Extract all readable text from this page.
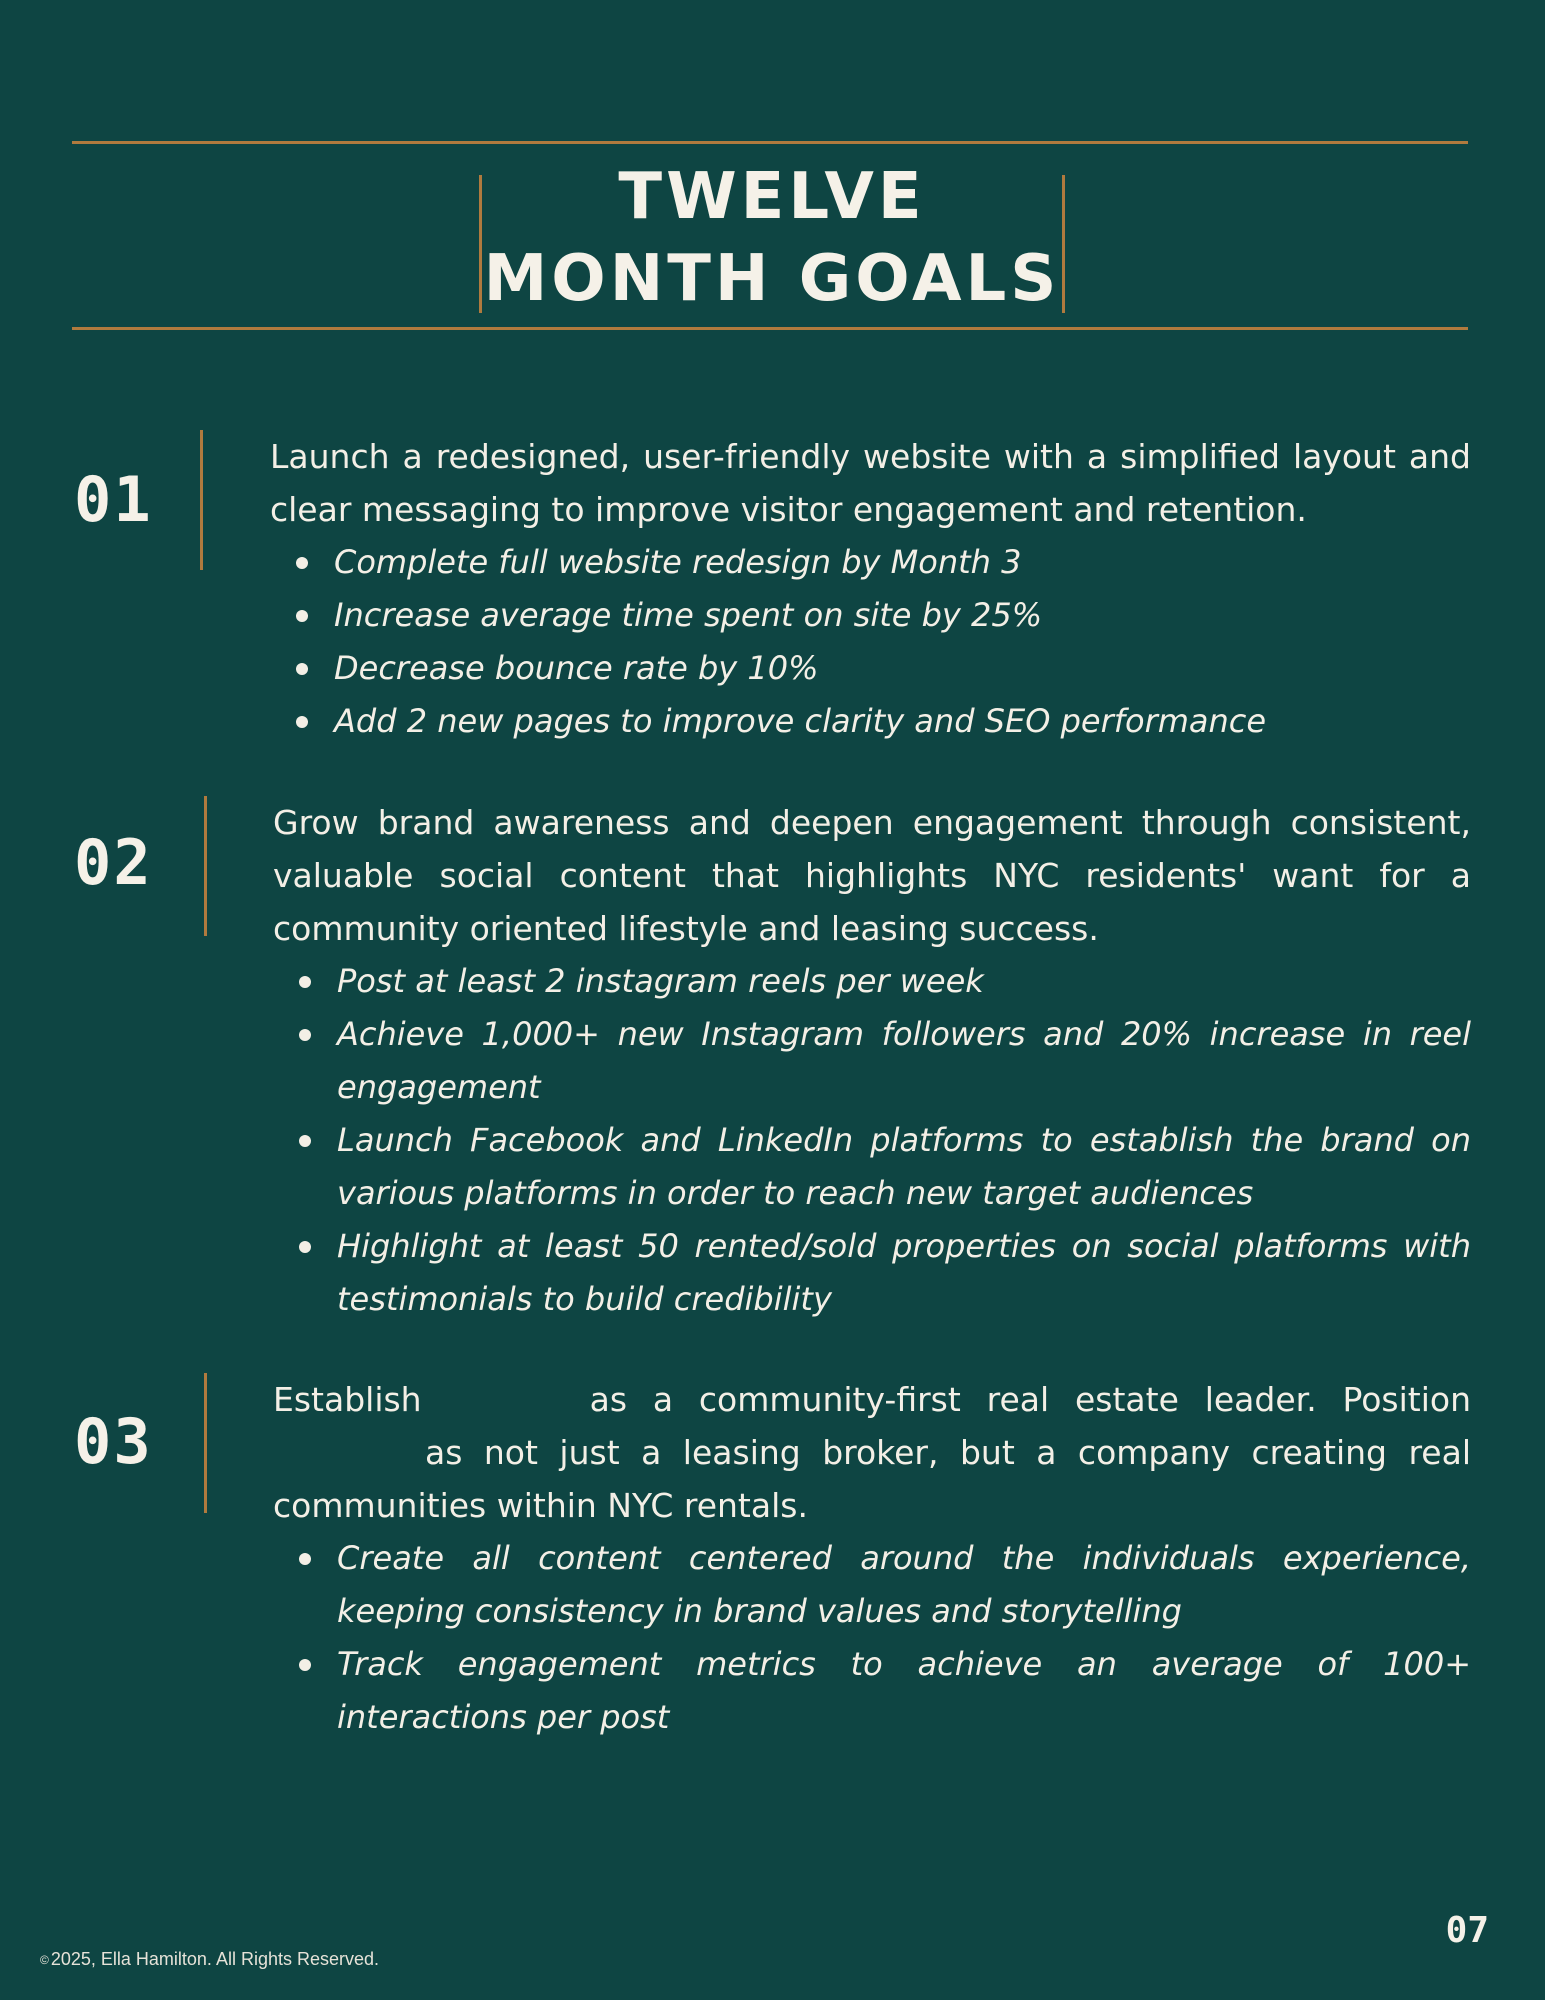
TWELVE
MONTH GOALS
01

Launch a redesigned, user-friendly website with a simplified layout and clear messaging to improve visitor engagement and retention.

Complete full website redesign by Month 3
Increase average time spent on site by 25%
Decrease bounce rate by 10%
Add 2 new pages to improve clarity and SEO performance
02

Grow brand awareness and deepen engagement through consistent, valuable social content that highlights NYC residents' want for a community oriented lifestyle and leasing success.

Post at least 2 instagram reels per week
Achieve 1,000+ new Instagram followers and 20% increase in reel engagement
Launch Facebook and LinkedIn platforms to establish the brand on various platforms in order to reach new target audiences
Highlight at least 50 rented/sold properties on social platforms with testimonials to build credibility
03

Establish	as a community-first real estate leader. Position as not just a leasing broker, but a company creating real communities within NYC rentals.

Create all content centered around the individuals experience, keeping consistency in brand values and storytelling
Track engagement metrics to achieve an average of 100+ interactions per post
© 2025, Ella Hamilton. All Rights Reserved.
07
